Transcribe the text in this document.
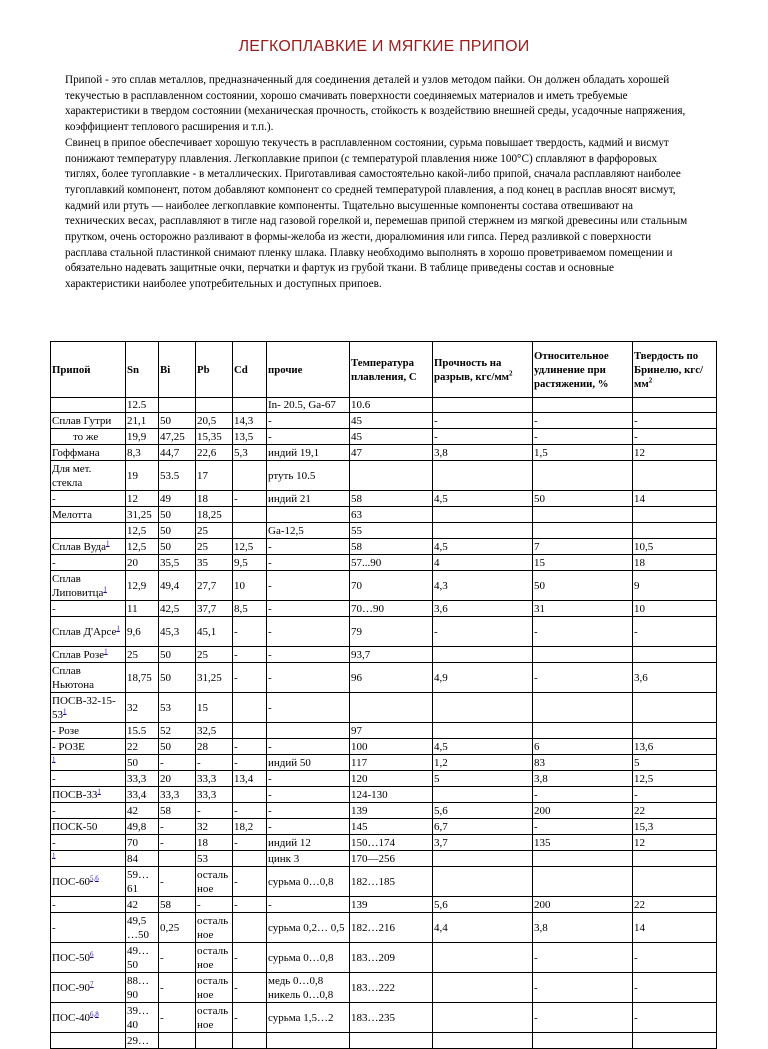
ЛЕГКОПЛАВКИЕ И МЯГКИЕ ПРИПОИ

Припой - это сплав металлов, предназначенный для соединения деталей и узлов методом пайки. Он должен обладать хорошей текучестью в расплавленном состоянии, хорошо смачивать поверхности соединяемых материалов и иметь требуемые характеристики в твердом состоянии (механическая прочность, стойкость к воздействию внешней среды, усадочные напряжения, коэффициент теплового расширения и т.п.).

Свинец в припое обеспечивает хорошую текучесть в расплавленном состоянии, сурьма повышает твердость, кадмий и висмут понижают температуру плавления. Легкоплавкие припои (с температурой плавления ниже 100°С) сплавляют в фарфоровых тиглях, более тугоплавкие - в металлических. Приготавливая самостоятельно какой-либо припой, сначала расплавляют наиболее тугоплавкий компонент, потом добавляют компонент со средней температурой плавления, а под конец в расплав вносят висмут, кадмий или ртуть — наиболее легкоплавкие компоненты. Тщательно высушенные компоненты состава отвешивают на технических весах, расплавляют в тигле над газовой горелкой и, перемешав припой стержнем из мягкой древесины или стальным прутком, очень осторожно разливают в формы-желоба из жести, дюралюминия или гипса. Перед разливкой с поверхности расплава стальной пластинкой снимают пленку шлака. Плавку необходимо выполнять в хорошо проветриваемом помещении и обязательно надевать защитные очки, перчатки и фартук из грубой ткани. В таблице приведены состав и основные характеристики наиболее употребительных и доступных припоев.

Припой	Sn	Bi	Pb	Cd	прочие	Температура плавления, С	Прочность на разрыв, кгс/$мм^2$	Относительное удлинение при растяжении, %	Твердость по Бринелю, кгс/$мм^2$
	12.5				In- 20.5, Ga-67	10.6			
Сплав Гутри	21,1	50	20,5	14,3	-	45	-	-	-
то же	19,9	47,25	15,35	13,5	-	45	-	-	-
Гоффмана	8,3	44,7	22,6	5,3	индий 19,1	47	3,8	1,5	12
Для мет. стекла	19	53.5	17		ртуть 10.5				
-	12	49	18	-	индий 21	58	4,5	50	14
Мелотта	31,25	50	18,25			63			
	12,5	50	25		Ga-12,5	55			
Сплав Вуда$^1$	12,5	50	25	12,5	-	58	4,5	7	10,5
-	20	35,5	35	9,5	-	57...90	4	15	18
Сплав Липовитца$^1$	12,9	49,4	27,7	10	-	70	4,3	50	9
-	11	42,5	37,7	8,5	-	70…90	3,6	31	10
Сплав Д'Арсе$^1$	9,6	45,3	45,1	-	-	79	-	-	-
Сплав Розе$^1$	25	50	25	-	-	93,7			
Сплав Ньютона	18,75	50	31,25	-	-	96	4,9	-	3,6
ПОСВ-$32-15-53^1$	32	53	15		-				
- Розе	15.5	52	32,5			97			
- РОЗЕ	22	50	28	-	-	100	4,5	6	13,6
$^1$	50	-	-	-	индий 50	117	1,2	83	5
-	33,3	20	33,3	13,4	-	120	5	3,8	12,5
ПОСВ-$33^1$	33,4	33,3	33,3		-	124-130		-	-
-	42	58	-	-	-	139	5,6	200	22
ПОСК-50	49,8	-	32	18,2	-	145	6,7	-	15,3
-	70	-	18	-	индий 12	150…174	3,7	135	12
$^1$	84		53		цинк 3	170—256			
ПОС-60$^{5,6}$	59… 61	-	осталь ное	-	сурьма 0…0,8	182…185			
-	42	58	-	-	-	139	5,6	200	22
-	49,5 …50	0,25	осталь ное		сурьма 0,2… 0,5	182…216	4,4	3,8	14
ПОС-$50^6$	49… 50	-	осталь ное	-	сурьма 0…0,8	183…209		-	-
ПОС-$90^7$	88… 90	-	осталь ное	-	медь 0…0,8 никель 0…0,8	183…222		-	-
ПОС-40$^{6,8}$	39… 40	-	осталь ное	-	сурьма 1,5…2	183…235		-	-
	29…								
